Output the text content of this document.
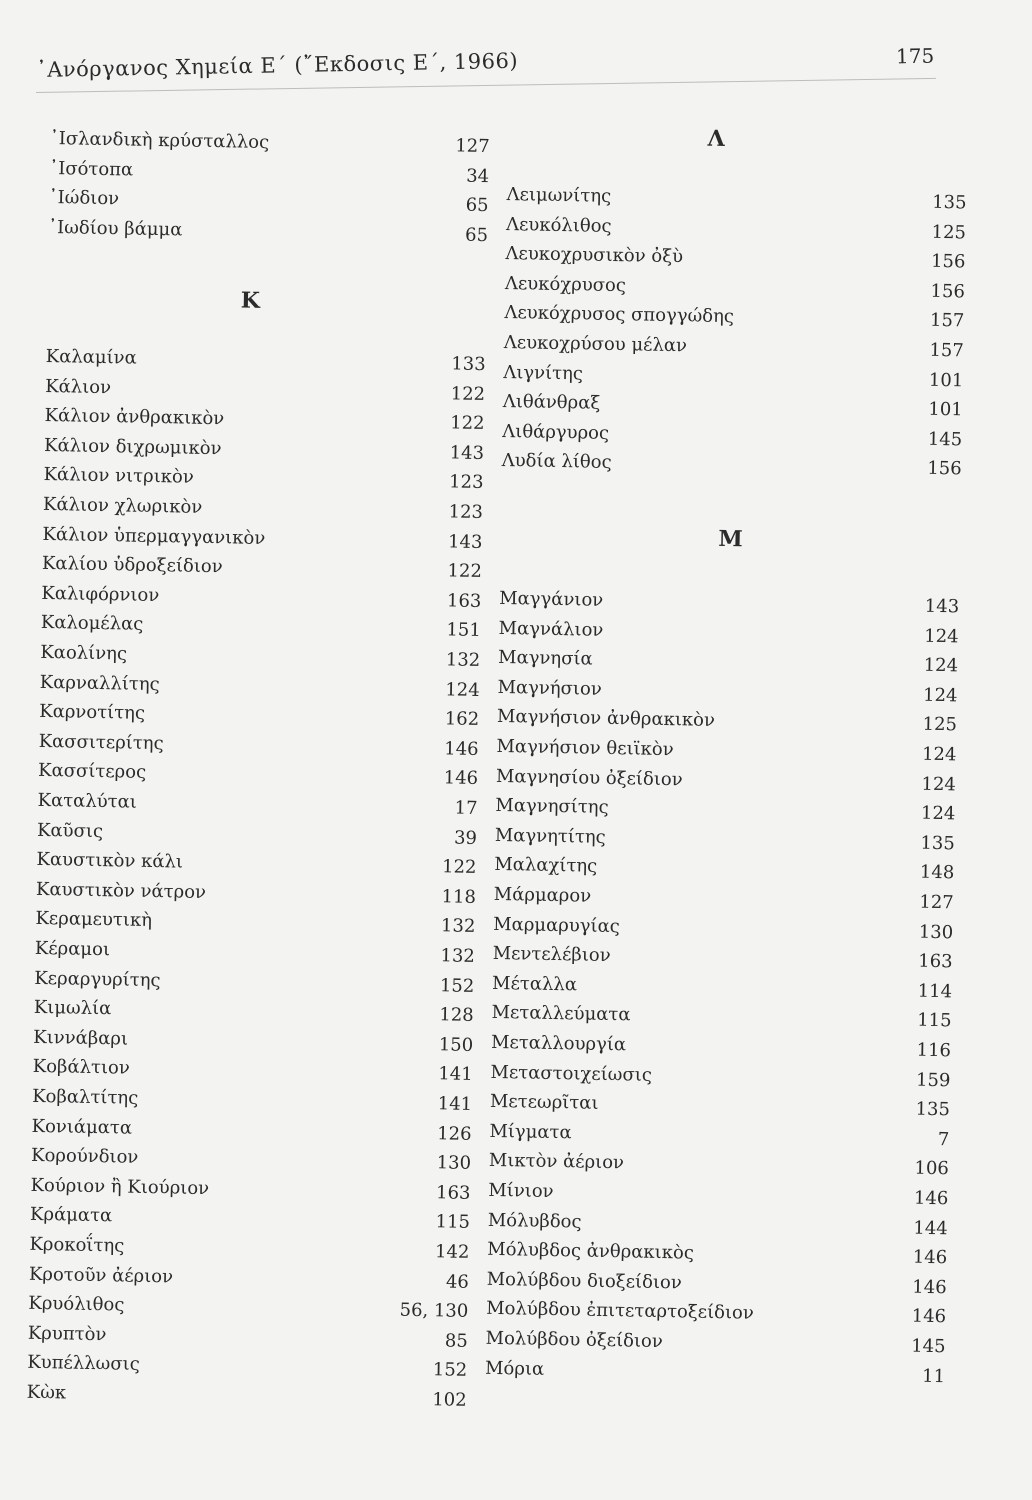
᾿Ανόργανος Χημεία Ε΄ (῎Εκδοσις Ε΄, 1966)	175
᾿Ισλανδικὴ κρύσταλλος	127
᾿Ισότοπα	34
᾿Ιώδιον	65
᾿Ιωδίου βάμμα	65
Κ
Καλαμίνα	133
Κάλιον	122
Κάλιον ἀνθρακικὸν	122
Κάλιον διχρωμικὸν	143
Κάλιον νιτρικὸν	123
Κάλιον χλωρικὸν	123
Κάλιον ὑπερμαγγανικὸν	143
Καλίου ὑδροξείδιον	122
Καλιφόρνιον	163
Καλομέλας	151
Καολίνης	132
Καρναλλίτης	124
Καρνοτίτης	162
Κασσιτερίτης	146
Κασσίτερος	146
Καταλύται	17
Καῦσις	39
Καυστικὸν κάλι	122
Καυστικὸν νάτρον	118
Κεραμευτικὴ	132
Κέραμοι	132
Κεραργυρίτης	152
Κιμωλία	128
Κιννάβαρι	150
Κοβάλτιον	141
Κοβαλτίτης	141
Κονιάματα	126
Κορούνδιον	130
Κούριον ἢ Κιούριον	163
Κράματα	115
Κροκοΐτης	142
Κροτοῦν ἀέριον	46
Κρυόλιθος	56, 130
Κρυπτὸν	85
Κυπέλλωσις	152
Κὼκ	102
Λ
Λειμωνίτης	135
Λευκόλιθος	125
Λευκοχρυσικὸν ὀξὺ	156
Λευκόχρυσος	156
Λευκόχρυσος σπογγώδης	157
Λευκοχρύσου μέλαν	157
Λιγνίτης	101
Λιθάνθραξ	101
Λιθάργυρος	145
Λυδία λίθος	156
Μ
Μαγγάνιον	143
Μαγνάλιον	124
Μαγνησία	124
Μαγνήσιον	124
Μαγνήσιον ἀνθρακικὸν	125
Μαγνήσιον θειϊκὸν	124
Μαγνησίου ὀξείδιον	124
Μαγνησίτης	124
Μαγνητίτης	135
Μαλαχίτης	148
Μάρμαρον	127
Μαρμαρυγίας	130
Μεντελέβιον	163
Μέταλλα	114
Μεταλλεύματα	115
Μεταλλουργία	116
Μεταστοιχείωσις	159
Μετεωρῖται	135
Μίγματα	7
Μικτὸν ἀέριον	106
Μίνιον	146
Μόλυβδος	144
Μόλυβδος ἀνθρακικὸς	146
Μολύβδου διοξείδιον	146
Μολύβδου ἐπιτεταρτοξείδιον	146
Μολύβδου ὀξείδιον	145
Μόρια	11
